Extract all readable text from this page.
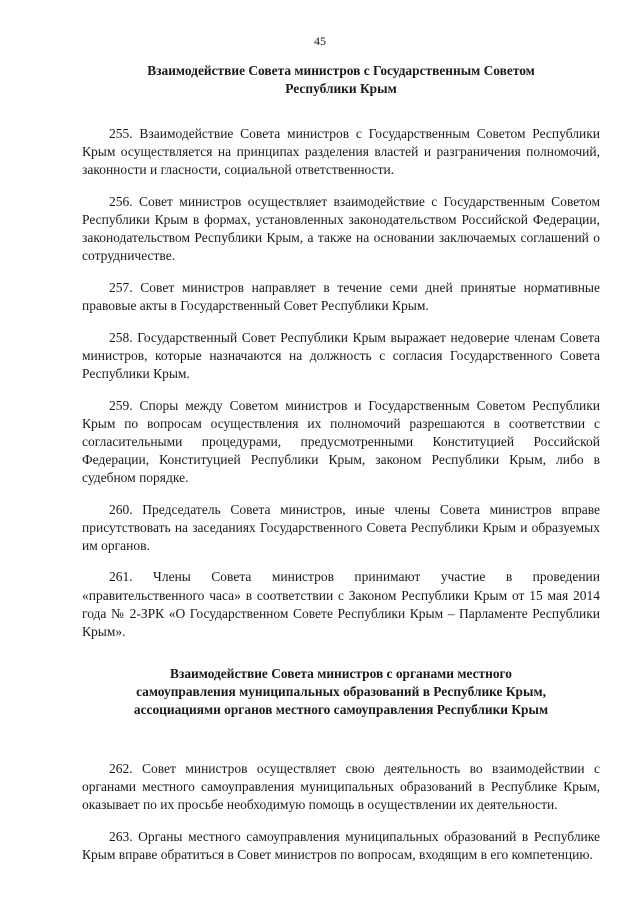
45
Взаимодействие Совета министров с Государственным Советом
Республики Крым

255. Взаимодействие Совета министров с Государственным Советом Республики Крым осуществляется на принципах разделения властей и разграничения полномочий, законности и гласности, социальной ответственности.

256. Совет министров осуществляет взаимодействие с Государственным Советом Республики Крым в формах, установленных законодательством Российской Федерации, законодательством Республики Крым, а также на основании заключаемых соглашений о сотрудничестве.

257. Совет министров направляет в течение семи дней принятые нормативные правовые акты в Государственный Совет Республики Крым.

258. Государственный Совет Республики Крым выражает недоверие членам Совета министров, которые назначаются на должность с согласия Государственного Совета Республики Крым.

259. Споры между Советом министров и Государственным Советом Республики Крым по вопросам осуществления их полномочий разрешаются в соответствии с согласительными процедурами, предусмотренными Конституцией Российской Федерации, Конституцией Республики Крым, законом Республики Крым, либо в судебном порядке.

260. Председатель Совета министров, иные члены Совета министров вправе присутствовать на заседаниях Государственного Совета Республики Крым и образуемых им органов.

261. Члены Совета министров принимают участие в проведении «правительственного часа» в соответствии с Законом Республики Крым от 15 мая 2014 года № 2-ЗРК «О Государственном Совете Республики Крым – Парламенте Республики Крым».

Взаимодействие Совета министров с органами местного
самоуправления муниципальных образований в Республике Крым,
ассоциациями органов местного самоуправления Республики Крым

262. Совет министров осуществляет свою деятельность во взаимодействии с органами местного самоуправления муниципальных образований в Республике Крым, оказывает по их просьбе необходимую помощь в осуществлении их деятельности.

263. Органы местного самоуправления муниципальных образований в Республике Крым вправе обратиться в Совет министров по вопросам, входящим в его компетенцию.
